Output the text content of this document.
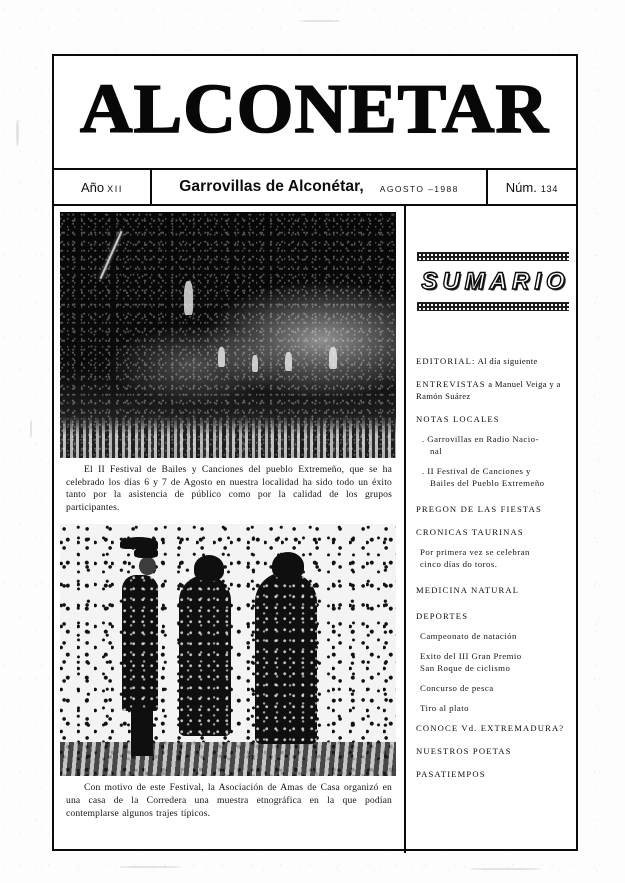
ALCONETAR
Año XII	Garrovillas de Alconétar, AGOSTO –1988	Núm. 134
El II Festival de Bailes y Canciones del pueblo Extremeño, que se ha celebrado los días 6 y 7 de Agosto en nuestra localidad ha sido todo un éxito tanto por la asistencia de público como por la calidad de los grupos participantes.
Con motivo de este Festival, la Asociación de Amas de Casa organizó en una casa de la Corredera una muestra etnográfica en la que podían contemplarse algunos trajes típicos.
SUMARIO
EDITORIAL: Al día siguiente
ENTREVISTAS a Manuel Veiga y a Ramón Suárez
NOTAS LOCALES
. Garrovillas en Radio Nacio-
nal
. II Festival de Canciones y
Bailes del Pueblo Extremeño
PREGON DE LAS FIESTAS
CRONICAS TAURINAS
Por primera vez se celebran
cinco días do toros.
MEDICINA NATURAL
DEPORTES
Campeonato de natación
Exito del III Gran Premio
San Roque de ciclismo
Concurso de pesca
Tiro al plato
CONOCE Vd. EXTREMADURA?
NUESTROS POETAS
PASATIEMPOS
